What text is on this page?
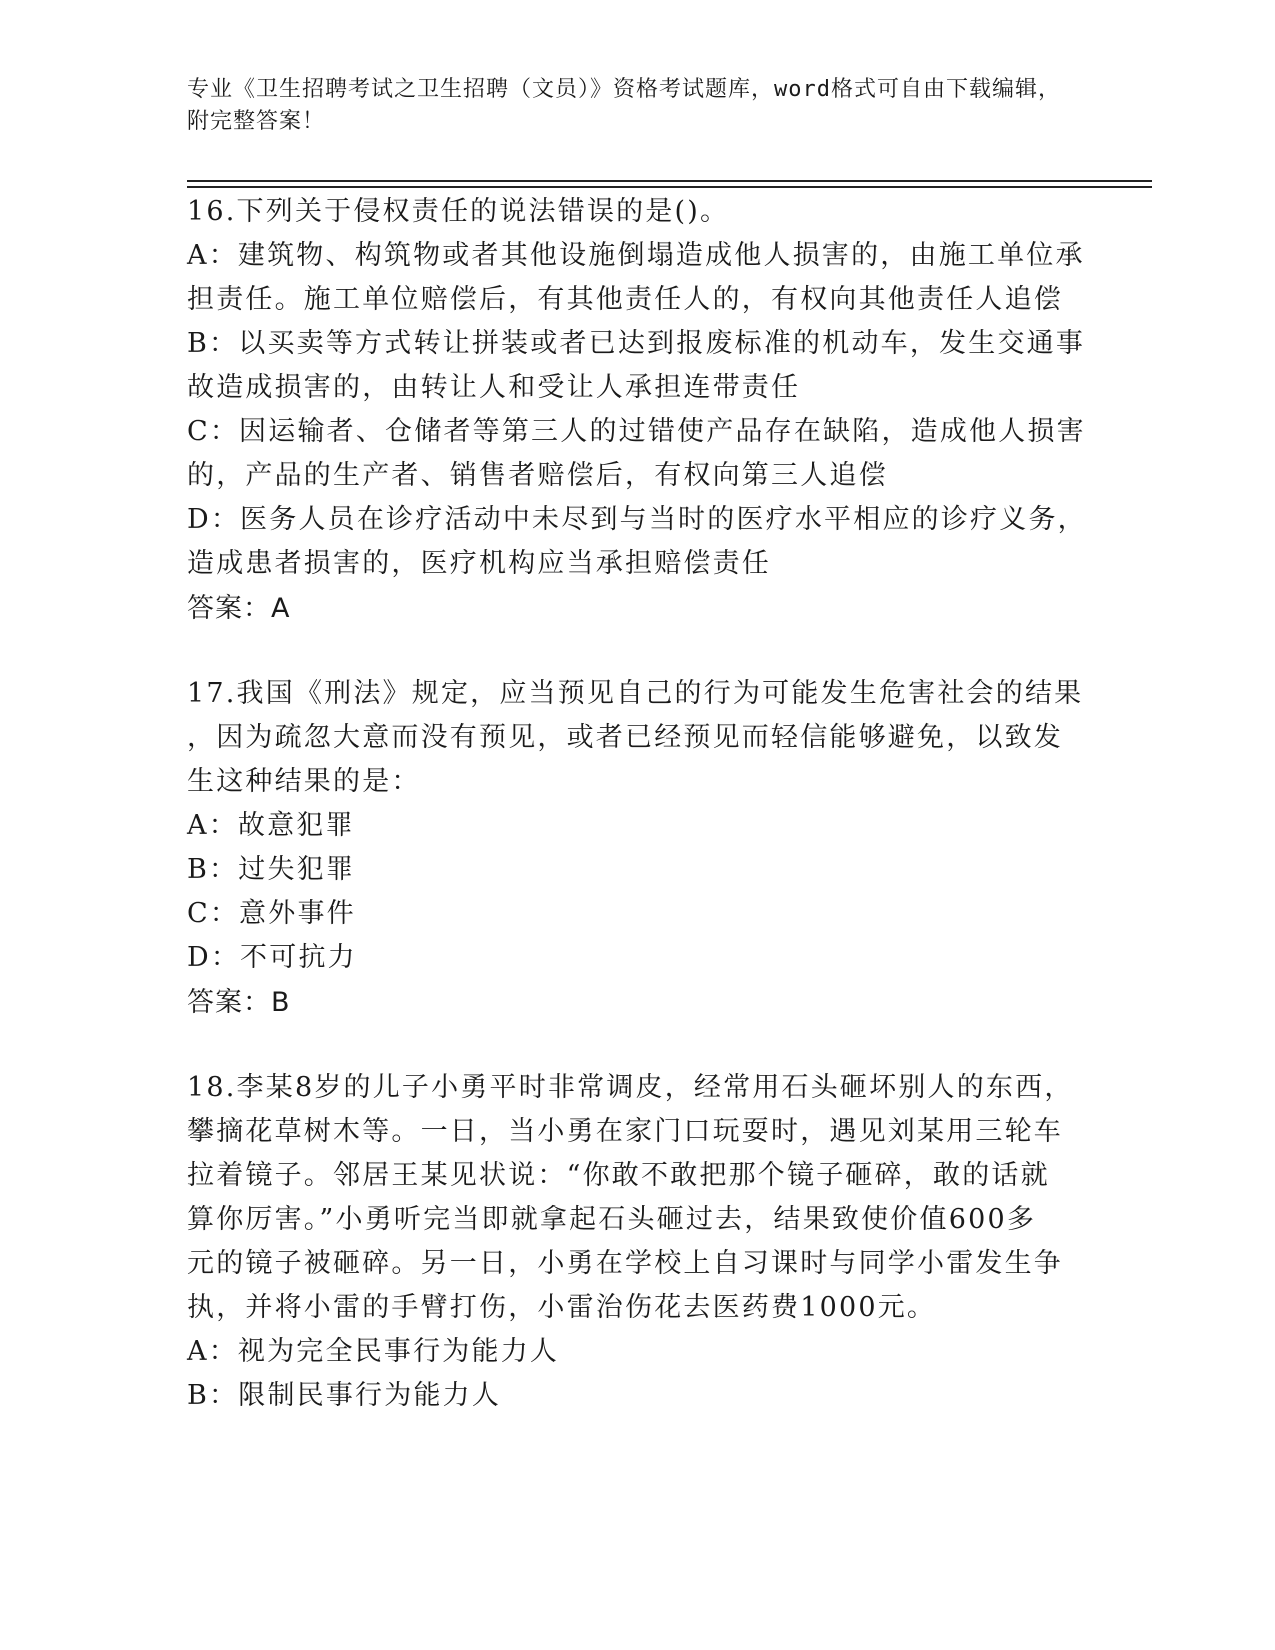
专业《卫生招聘考试之卫生招聘（文员）》资格考试题库，word格式可自由下载编辑，附完整答案！
16.下列关于侵权责任的说法错误的是()。
A：建筑物、构筑物或者其他设施倒塌造成他人损害的，由施工单位承
担责任。施工单位赔偿后，有其他责任人的，有权向其他责任人追偿
B：以买卖等方式转让拼装或者已达到报废标准的机动车，发生交通事
故造成损害的，由转让人和受让人承担连带责任
C：因运输者、仓储者等第三人的过错使产品存在缺陷，造成他人损害
的，产品的生产者、销售者赔偿后，有权向第三人追偿
D：医务人员在诊疗活动中未尽到与当时的医疗水平相应的诊疗义务，
造成患者损害的，医疗机构应当承担赔偿责任
答案：A
17.我国《刑法》规定，应当预见自己的行为可能发生危害社会的结果
，因为疏忽大意而没有预见，或者已经预见而轻信能够避免，以致发
生这种结果的是：
A：故意犯罪
B：过失犯罪
C：意外事件
D：不可抗力
答案：B
18.李某8岁的儿子小勇平时非常调皮，经常用石头砸坏别人的东西，
攀摘花草树木等。一日，当小勇在家门口玩耍时，遇见刘某用三轮车
拉着镜子。邻居王某见状说：“你敢不敢把那个镜子砸碎，敢的话就
算你厉害。”小勇听完当即就拿起石头砸过去，结果致使价值600多
元的镜子被砸碎。另一日，小勇在学校上自习课时与同学小雷发生争
执，并将小雷的手臂打伤，小雷治伤花去医药费1000元。
A：视为完全民事行为能力人
B：限制民事行为能力人
